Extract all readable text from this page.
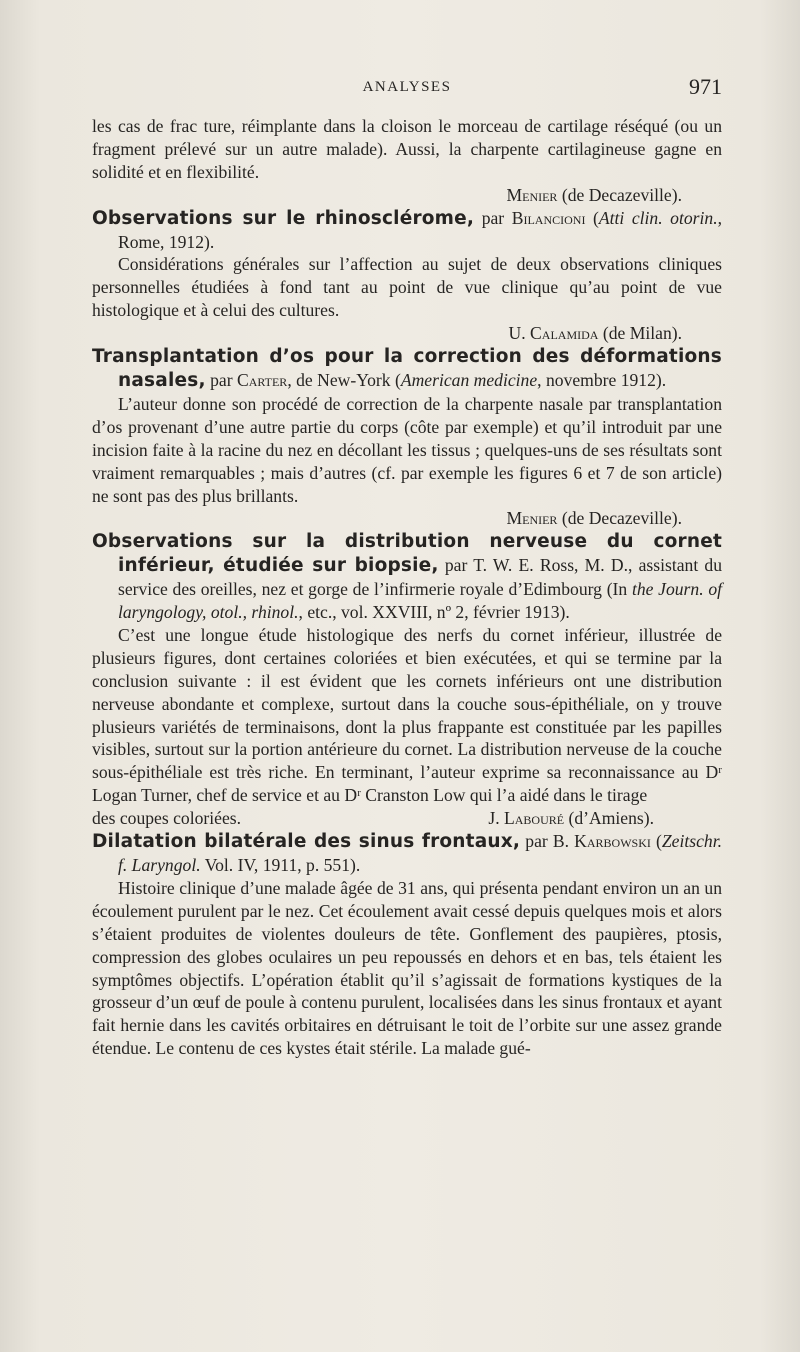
ANALYSES	971

les cas de frac ture, réimplante dans la cloison le morceau de cartilage réséqué (ou un fragment prélevé sur un autre malade). Aussi, la charpente cartilagineuse gagne en solidité et en flexibilité.

Menier (de Decazeville).

Observations sur le rhinosclérome, par Bilancioni (Atti clin. otorin., Rome, 1912).

Considérations générales sur l’affection au sujet de deux observations cliniques personnelles étudiées à fond tant au point de vue clinique qu’au point de vue histologique et à celui des cultures.

U. Calamida (de Milan).

Transplantation d’os pour la correction des déformations nasales, par Carter, de New-York (American medicine, novembre 1912).

L’auteur donne son procédé de correction de la charpente nasale par transplantation d’os provenant d’une autre partie du corps (côte par exemple) et qu’il introduit par une incision faite à la racine du nez en décollant les tissus ; quelques-uns de ses résultats sont vraiment remarquables ; mais d’autres (cf. par exemple les figures 6 et 7 de son article) ne sont pas des plus brillants.

Menier (de Decazeville).

Observations sur la distribution nerveuse du cornet inférieur, étudiée sur biopsie, par T. W. E. Ross, M. D., assistant du service des oreilles, nez et gorge de l’infirmerie royale d’Edimbourg (In the Journ. of laryngology, otol., rhinol., etc., vol. XXVIII, nº 2, février 1913).

C’est une longue étude histologique des nerfs du cornet inférieur, illustrée de plusieurs figures, dont certaines coloriées et bien exécutées, et qui se termine par la conclusion suivante : il est évident que les cornets inférieurs ont une distribution nerveuse abondante et complexe, surtout dans la couche sous-épithéliale, on y trouve plusieurs variétés de terminaisons, dont la plus frappante est constituée par les papilles visibles, surtout sur la portion antérieure du cornet. La distribution nerveuse de la couche sous-épithéliale est très riche. En terminant, l’auteur exprime sa reconnaissance au Dʳ Logan Turner, chef de service et au Dʳ Cranston Low qui l’a aidé dans le tirage

des coupes coloriées.	J. Labouré (d’Amiens).

Dilatation bilatérale des sinus frontaux, par B. Karbowski (Zeitschr. f. Laryngol. Vol. IV, 1911, p. 551).

Histoire clinique d’une malade âgée de 31 ans, qui présenta pendant environ un an un écoulement purulent par le nez. Cet écoulement avait cessé depuis quelques mois et alors s’étaient produites de violentes douleurs de tête. Gonflement des paupières, ptosis, compression des globes oculaires un peu repoussés en dehors et en bas, tels étaient les symptômes objectifs. L’opération établit qu’il s’agissait de formations kystiques de la grosseur d’un œuf de poule à contenu purulent, localisées dans les sinus frontaux et ayant fait hernie dans les cavités orbitaires en détruisant le toit de l’orbite sur une assez grande étendue. Le contenu de ces kystes était stérile. La malade gué-
